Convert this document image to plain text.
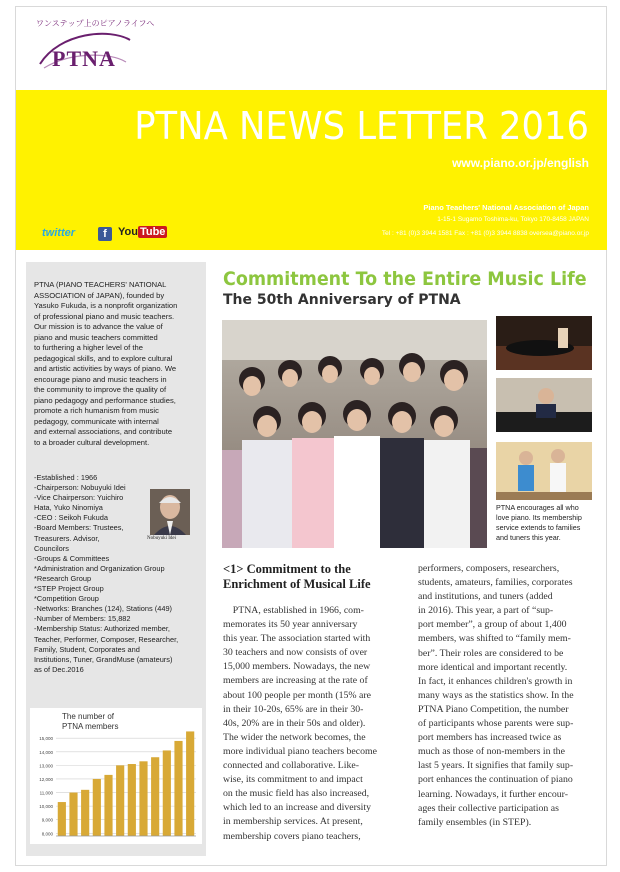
ワンステップ上のピアノライフへ
PTNA
PTNA NEWS LETTER 2016
www.piano.or.jp/english
Piano Teachers' National Association of Japan
1-15-1 Sugamo Toshima-ku, Tokyo 170-8458 JAPAN
Tel : +81 (0)3 3944 1581 Fax : +81 (0)3 3944 8838 oversea@piano.or.jp
twitter	f	You Tube
PTNA (PIANO TEACHERS' NATIONAL
ASSOCIATION of JAPAN), founded by
Yasuko Fukuda, is a nonprofit organization
of professional piano and music teachers.
Our mission is to advance the value of
piano and music teachers committed
to furthering a higher level of the
pedagogical skills, and to explore cultural
and artistic activities by ways of piano. We
encourage piano and music teachers in
the community to improve the quality of
piano pedagogy and performance studies,
promote a rich humanism from music
pedagogy, communicate with internal
and external associations, and contribute
to a broader cultural development.
-Established : 1966
-Chairperson: Nobuyuki Idei
-Vice Chairperson: Yuichiro
Hata, Yuko Ninomiya
-CEO : Seikoh Fukuda
-Board Members: Trustees,
Treasurers. Advisor,
Councilors
-Groups & Committees
*Administration and Organization Group
*Research Group
*STEP Project Group
*Competition Group
-Networks: Branches (124), Stations (449)
-Number of Members: 15,882
-Membership Status: Authorized member,
Teacher, Performer, Composer, Researcher,
Family, Student, Corporates and
Institutions, Tuner, GrandMuse (amateurs)
as of Dec.2016
Nobuyuki Idei
8,000
9,000
10,000
11,000
12,000
13,000
14,000
15,000
The number of PTNA members
Commitment To the Entire Music Life
The 50th Anniversary of PTNA
PTNA encourages all who
love piano. Its membership
service extends to families
and tuners this year.
<1> Commitment to the
Enrichment of Musical Life
PTNA, established in 1966, com-
memorates its 50 year anniversary
this year. The association started with
30 teachers and now consists of over
15,000 members. Nowadays, the new
members are increasing at the rate of
about 100 people per month (15% are
in their 10-20s, 65% are in their 30-
40s, 20% are in their 50s and older).
The wider the network becomes, the
more individual piano teachers become
connected and collaborative. Like-
wise, its commitment to and impact
on the music field has also increased,
which led to an increase and diversity
in membership services. At present,
membership covers piano teachers,
performers, composers, researchers,
students, amateurs, families, corporates
and institutions, and tuners (added
in 2016). This year, a part of “sup-
port member”, a group of about 1,400
members, was shifted to “family mem-
ber”. Their roles are considered to be
more identical and important recently.
In fact, it enhances children's growth in
many ways as the statistics show. In the
PTNA Piano Competition, the number
of participants whose parents were sup-
port members has increased twice as
much as those of non-members in the
last 5 years. It signifies that family sup-
port enhances the continuation of piano
learning. Nowadays, it further encour-
ages their collective participation as
family ensembles (in STEP).
